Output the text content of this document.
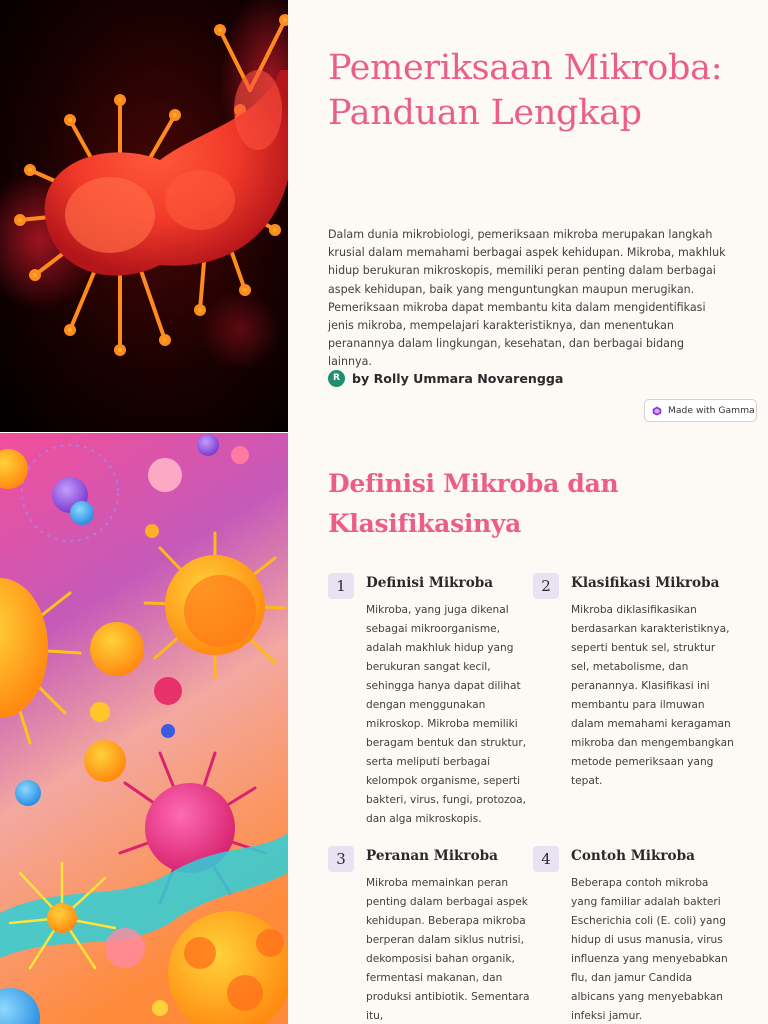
Pemeriksaan Mikroba: Panduan Lengkap

Dalam dunia mikrobiologi, pemeriksaan mikroba merupakan langkah krusial dalam memahami berbagai aspek kehidupan. Mikroba, makhluk hidup berukuran mikroskopis, memiliki peran penting dalam berbagai aspek kehidupan, baik yang menguntungkan maupun merugikan. Pemeriksaan mikroba dapat membantu kita dalam mengidentifikasi jenis mikroba, mempelajari karakteristiknya, dan menentukan peranannya dalam lingkungan, kesehatan, dan berbagai bidang lainnya.

R by Rolly Ummara Novarengga
Made with Gamma
Definisi Mikroba dan Klasifikasinya
1	Definisi Mikroba

Mikroba, yang juga dikenal sebagai mikroorganisme, adalah makhluk hidup yang berukuran sangat kecil, sehingga hanya dapat dilihat dengan menggunakan mikroskop. Mikroba memiliki beragam bentuk dan struktur, serta meliputi berbagai kelompok organisme, seperti bakteri, virus, fungi, protozoa, dan alga mikroskopis.

2	Klasifikasi Mikroba

Mikroba diklasifikasikan berdasarkan karakteristiknya, seperti bentuk sel, struktur sel, metabolisme, dan peranannya. Klasifikasi ini membantu para ilmuwan dalam memahami keragaman mikroba dan mengembangkan metode pemeriksaan yang tepat.

3	Peranan Mikroba

Mikroba memainkan peran penting dalam berbagai aspek kehidupan. Beberapa mikroba berperan dalam siklus nutrisi, dekomposisi bahan organik, fermentasi makanan, dan produksi antibiotik. Sementara itu,

4	Contoh Mikroba

Beberapa contoh mikroba yang familiar adalah bakteri Escherichia coli (E. coli) yang hidup di usus manusia, virus influenza yang menyebabkan flu, dan jamur Candida albicans yang menyebabkan infeksi jamur.
